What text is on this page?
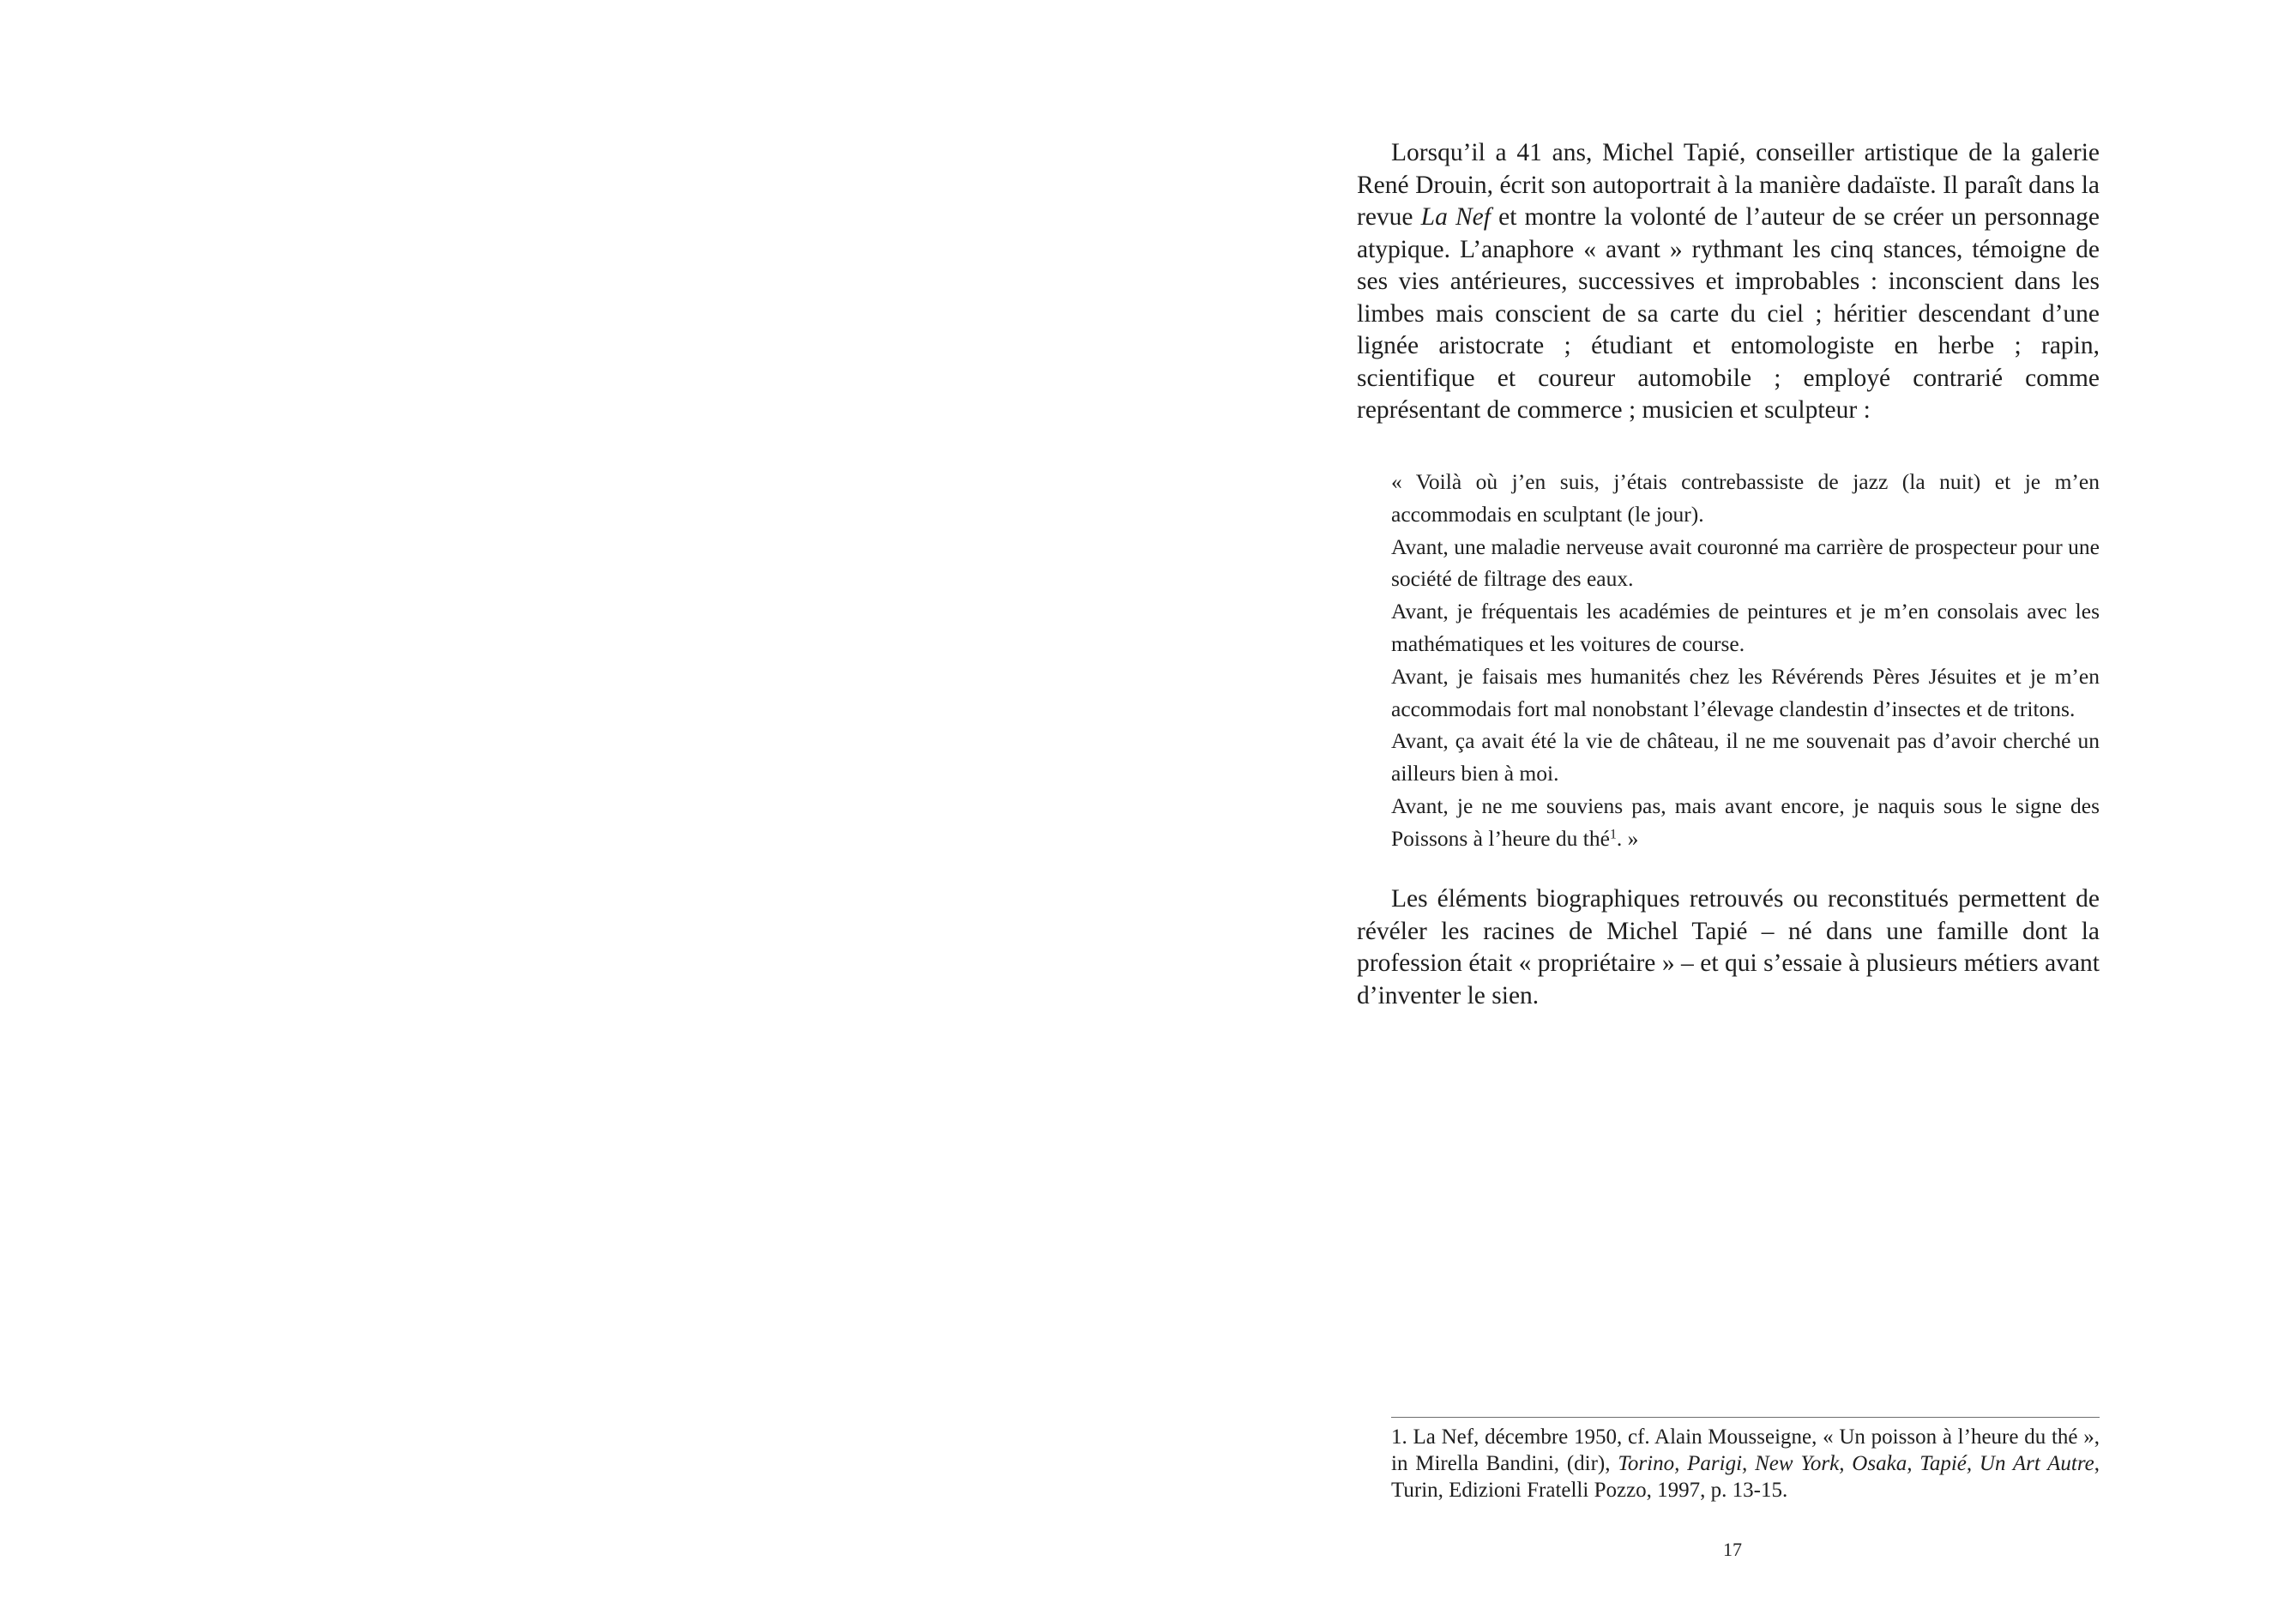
Lorsqu’il a 41 ans, Michel Tapié, conseiller artistique de la galerie René Drouin, écrit son autoportrait à la manière dadaïste. Il paraît dans la revue La Nef et montre la volonté de l’auteur de se créer un personnage atypique. L’anaphore « avant » rythmant les cinq stances, témoigne de ses vies antérieures, successives et improbables : inconscient dans les limbes mais conscient de sa carte du ciel ; héritier descendant d’une lignée aristocrate ; étudiant et entomologiste en herbe ; rapin, scientifique et coureur automobile ; employé contrarié comme représentant de commerce ; musicien et sculpteur :

« Voilà où j’en suis, j’étais contrebassiste de jazz (la nuit) et je m’en accommodais en sculptant (le jour).

Avant, une maladie nerveuse avait couronné ma carrière de prospecteur pour une société de filtrage des eaux.

Avant, je fréquentais les académies de peintures et je m’en consolais avec les mathématiques et les voitures de course.

Avant, je faisais mes humanités chez les Révérends Pères Jésuites et je m’en accommodais fort mal nonobstant l’élevage clandestin d’insectes et de tritons.

Avant, ça avait été la vie de château, il ne me souvenait pas d’avoir cherché un ailleurs bien à moi.

Avant, je ne me souviens pas, mais avant encore, je naquis sous le signe des Poissons à l’heure du thé$^1$. »

Les éléments biographiques retrouvés ou reconstitués permettent de révéler les racines de Michel Tapié – né dans une famille dont la profession était « propriétaire » – et qui s’essaie à plusieurs métiers avant d’inventer le sien.

1. La Nef, décembre 1950, cf. Alain Mousseigne, « Un poisson à l’heure du thé », in Mirella Bandini, (dir), Torino, Parigi, New York, Osaka, Tapié, Un Art Autre, Turin, Edizioni Fratelli Pozzo, 1997, p. 13-15.

17
